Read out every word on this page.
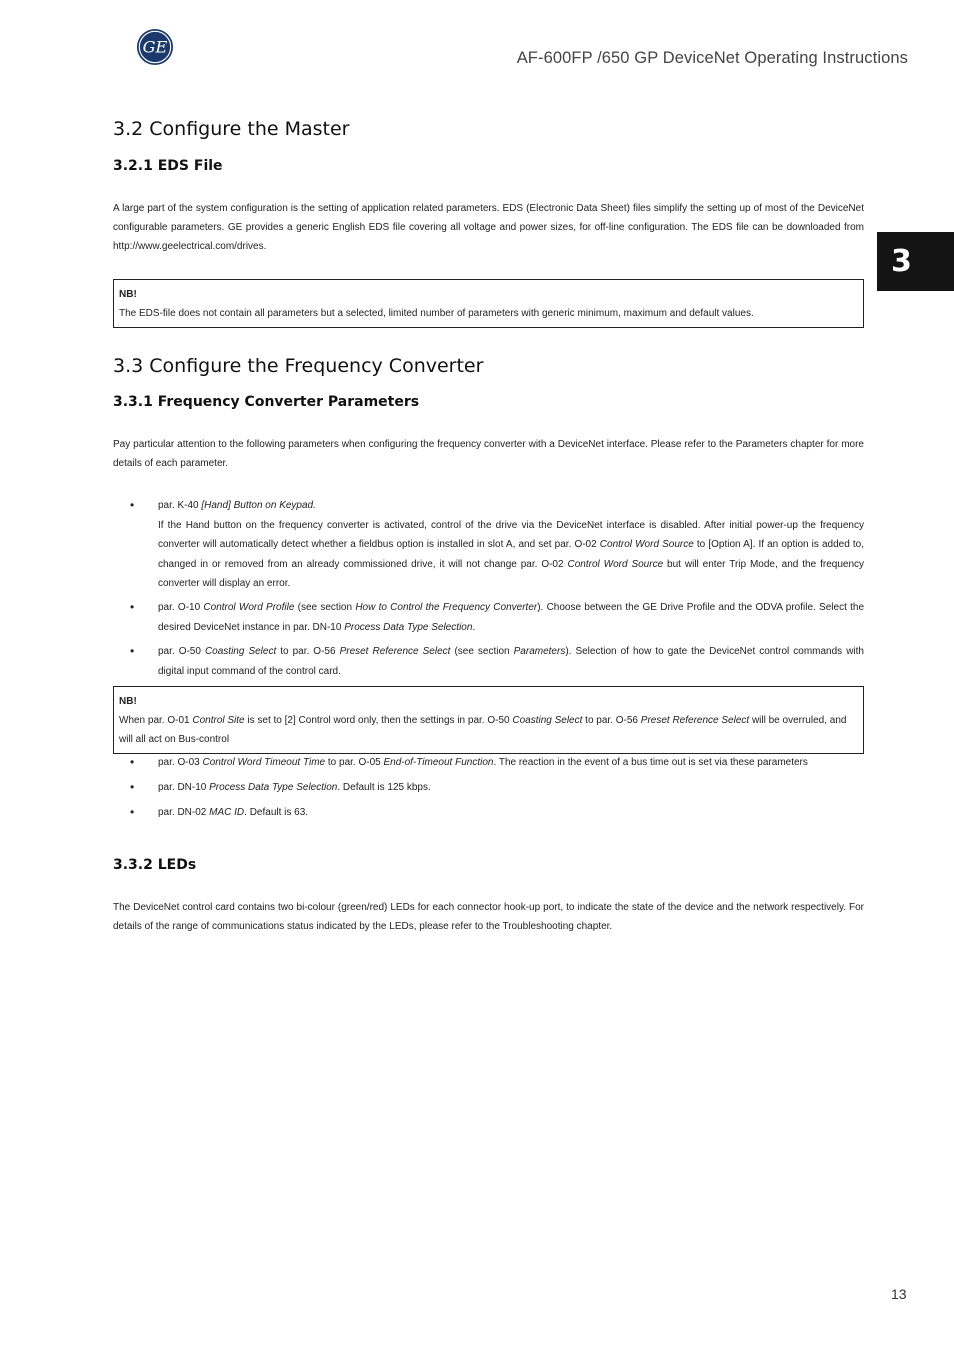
GE
AF-600FP /650 GP DeviceNet Operating Instructions
3
3.2 Configure the Master
3.2.1 EDS File

A large part of the system configuration is the setting of application related parameters. EDS (Electronic Data Sheet) files simplify the setting up of most of the DeviceNet configurable parameters. GE provides a generic English EDS file covering all voltage and power sizes, for off-line configuration. The EDS file can be downloaded from http://www.geelectrical.com/drives.

NB!
The EDS-file does not contain all parameters but a selected, limited number of parameters with generic minimum, maximum and default values.
3.3 Configure the Frequency Converter
3.3.1 Frequency Converter Parameters

Pay particular attention to the following parameters when configuring the frequency converter with a DeviceNet interface. Please refer to the Parameters chapter for more details of each parameter.

• par. K-40 [Hand] Button on Keypad.
If the Hand button on the frequency converter is activated, control of the drive via the DeviceNet interface is disabled. After initial power-up the frequency converter will automatically detect whether a fieldbus option is installed in slot A, and set par. O-02 Control Word Source to [Option A]. If an option is added to, changed in or removed from an already commissioned drive, it will not change par. O-02 Control Word Source but will enter Trip Mode, and the frequency converter will display an error.
• par. O-10 Control Word Profile (see section How to Control the Frequency Converter). Choose between the GE Drive Profile and the ODVA profile. Select the desired DeviceNet instance in par. DN-10 Process Data Type Selection.
• par. O-50 Coasting Select to par. O-56 Preset Reference Select (see section Parameters). Selection of how to gate the DeviceNet control commands with digital input command of the control card.
NB!
When par. O-01 Control Site is set to [2] Control word only, then the settings in par. O-50 Coasting Select to par. O-56 Preset Reference Select will be overruled, and will all act on Bus-control
• par. O-03 Control Word Timeout Time to par. O-05 End-of-Timeout Function. The reaction in the event of a bus time out is set via these parameters
• par. DN-10 Process Data Type Selection. Default is 125 kbps.
• par. DN-02 MAC ID. Default is 63.
3.3.2 LEDs

The DeviceNet control card contains two bi-colour (green/red) LEDs for each connector hook-up port, to indicate the state of the device and the network respectively. For details of the range of communications status indicated by the LEDs, please refer to the Troubleshooting chapter.

13
